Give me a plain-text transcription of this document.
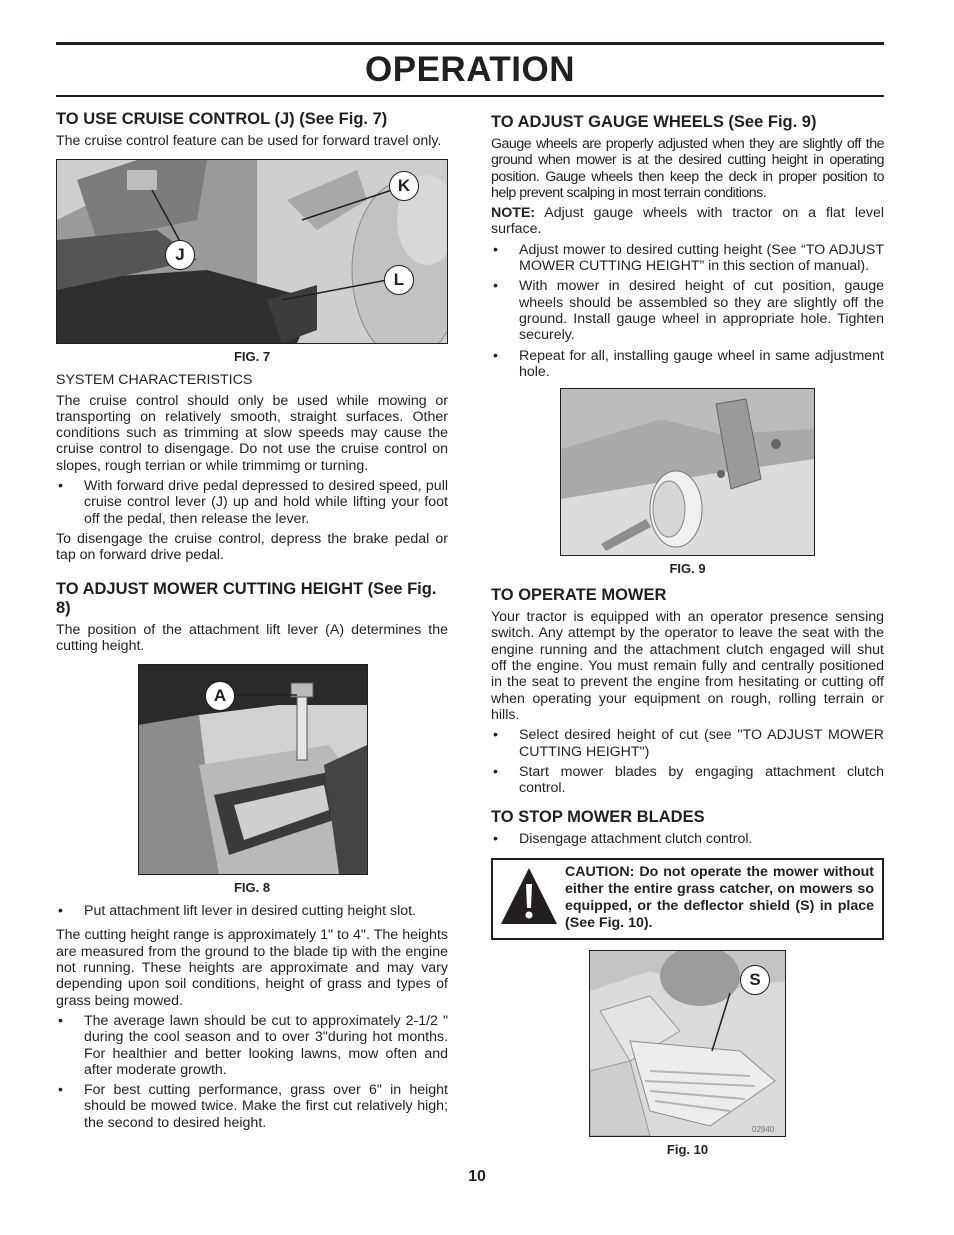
OPERATION
TO USE CRUISE CONTROL (J) (See Fig. 7)

The cruise control feature can be used for forward travel only.

J
K
L
FIG. 7

SYSTEM CHARACTERISTICS

The cruise control should only be used while mowing or transporting on relatively smooth, straight surfaces. Other conditions such as trimming at slow speeds may cause the cruise control to disengage. Do not use the cruise control on slopes, rough terrian or while trimmimg or turning.

• With forward drive pedal depressed to desired speed, pull cruise control lever (J) up and hold while lifting your foot off the pedal, then release the lever.

To disengage the cruise control, depress the brake pedal or tap on forward drive pedal.

TO ADJUST MOWER CUTTING HEIGHT (See Fig. 8)

The position of the attachment lift lever (A) determines the cutting height.

A
FIG. 8
• Put attachment lift lever in desired cutting height slot.

The cutting height range is approximately 1" to 4". The heights are measured from the ground to the blade tip with the engine not running. These heights are approximate and may vary depending upon soil conditions, height of grass and types of grass being mowed.

• The average lawn should be cut to approximately 2-1/2 " during the cool season and to over 3"during hot months. For healthier and better looking lawns, mow often and after moderate growth.
• For best cutting performance, grass over 6" in height should be mowed twice. Make the first cut relatively high; the second to desired height.
TO ADJUST GAUGE WHEELS (See Fig. 9)

Gauge wheels are properly adjusted when they are slightly off the ground when mower is at the desired cutting height in operating position. Gauge wheels then keep the deck in proper position to help prevent scalping in most terrain conditions.

NOTE: Adjust gauge wheels with tractor on a flat level surface.

• Adjust mower to desired cutting height (See “TO ADJUST MOWER CUTTING HEIGHT” in this section of manual).
• With mower in desired height of cut position, gauge wheels should be assembled so they are slightly off the ground. Install gauge wheel in appropriate hole. Tighten securely.
• Repeat for all, installing gauge wheel in same adjustment hole.
FIG. 9
TO OPERATE MOWER

Your tractor is equipped with an operator presence sensing switch. Any attempt by the operator to leave the seat with the engine running and the attachment clutch engaged will shut off the engine. You must remain fully and centrally positioned in the seat to prevent the engine from hesitating or cutting off when operating your equipment on rough, rolling terrain or hills.

• Select desired height of cut (see "TO ADJUST MOWER CUTTING HEIGHT")
• Start mower blades by engaging attachment clutch control.
TO STOP MOWER BLADES
• Disengage attachment clutch control.
CAUTION: Do not operate the mower without either the entire grass catcher, on mowers so equipped, or the deflector shield (S) in place (See Fig. 10).
02940
S
Fig. 10
10
